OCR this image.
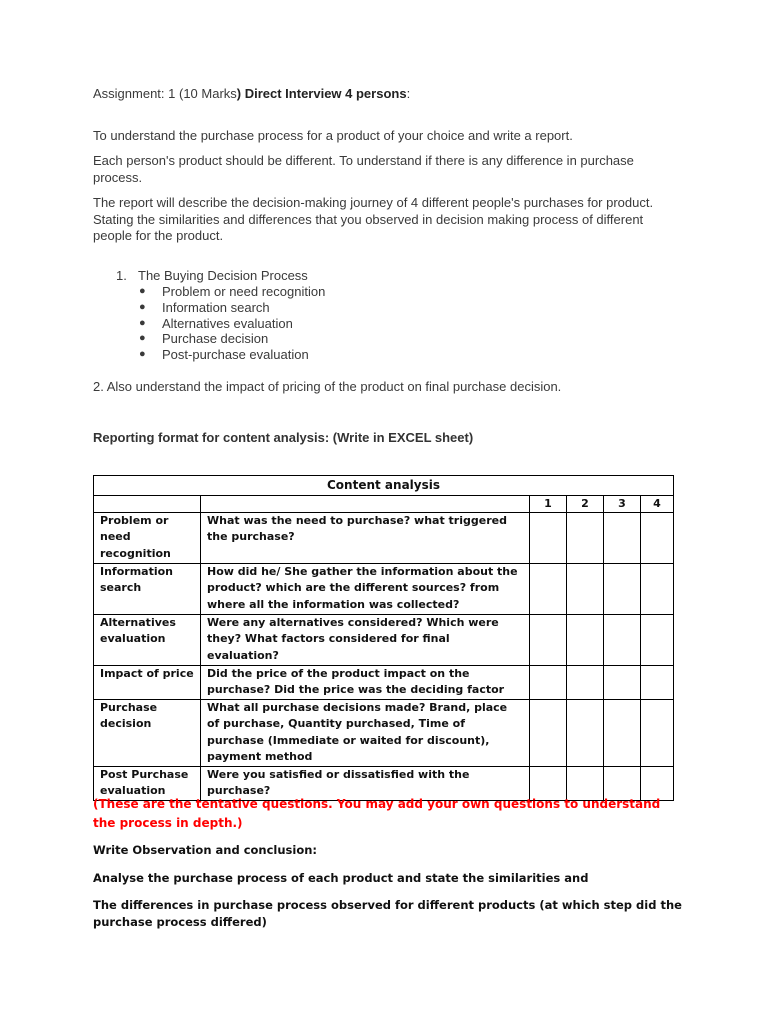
Assignment: 1 (10 Marks) Direct Interview 4 persons:
To understand the purchase process for a product of your choice and write a report.
Each person's product should be different. To understand if there is any difference in purchase process.
The report will describe the decision-making journey of 4 different people's purchases for product. Stating the similarities and differences that you observed in decision making process of different people for the product.
1. The Buying Decision Process
● Problem or need recognition
● Information search
● Alternatives evaluation
● Purchase decision
● Post-purchase evaluation
2. Also understand the impact of pricing of the product on final purchase decision.
Reporting format for content analysis: (Write in EXCEL sheet)
Content analysis					
		1	2	3	4
Problem or need recognition	What was the need to purchase? what triggered the purchase?				
Information search	How did he/ She gather the information about the product? which are the different sources? from where all the information was collected?				
Alternatives evaluation	Were any alternatives considered? Which were they? What factors considered for final evaluation?				
Impact of price	Did the price of the product impact on the purchase? Did the price was the deciding factor				
Purchase decision	What all purchase decisions made? Brand, place of purchase, Quantity purchased, Time of purchase (Immediate or waited for discount), payment method				
Post Purchase evaluation	Were you satisfied or dissatisfied with the purchase?				
(These are the tentative questions. You may add your own questions to understand the process in depth.)
Write Observation and conclusion:
Analyse the purchase process of each product and state the similarities and
The differences in purchase process observed for different products (at which step did the purchase process differed)
